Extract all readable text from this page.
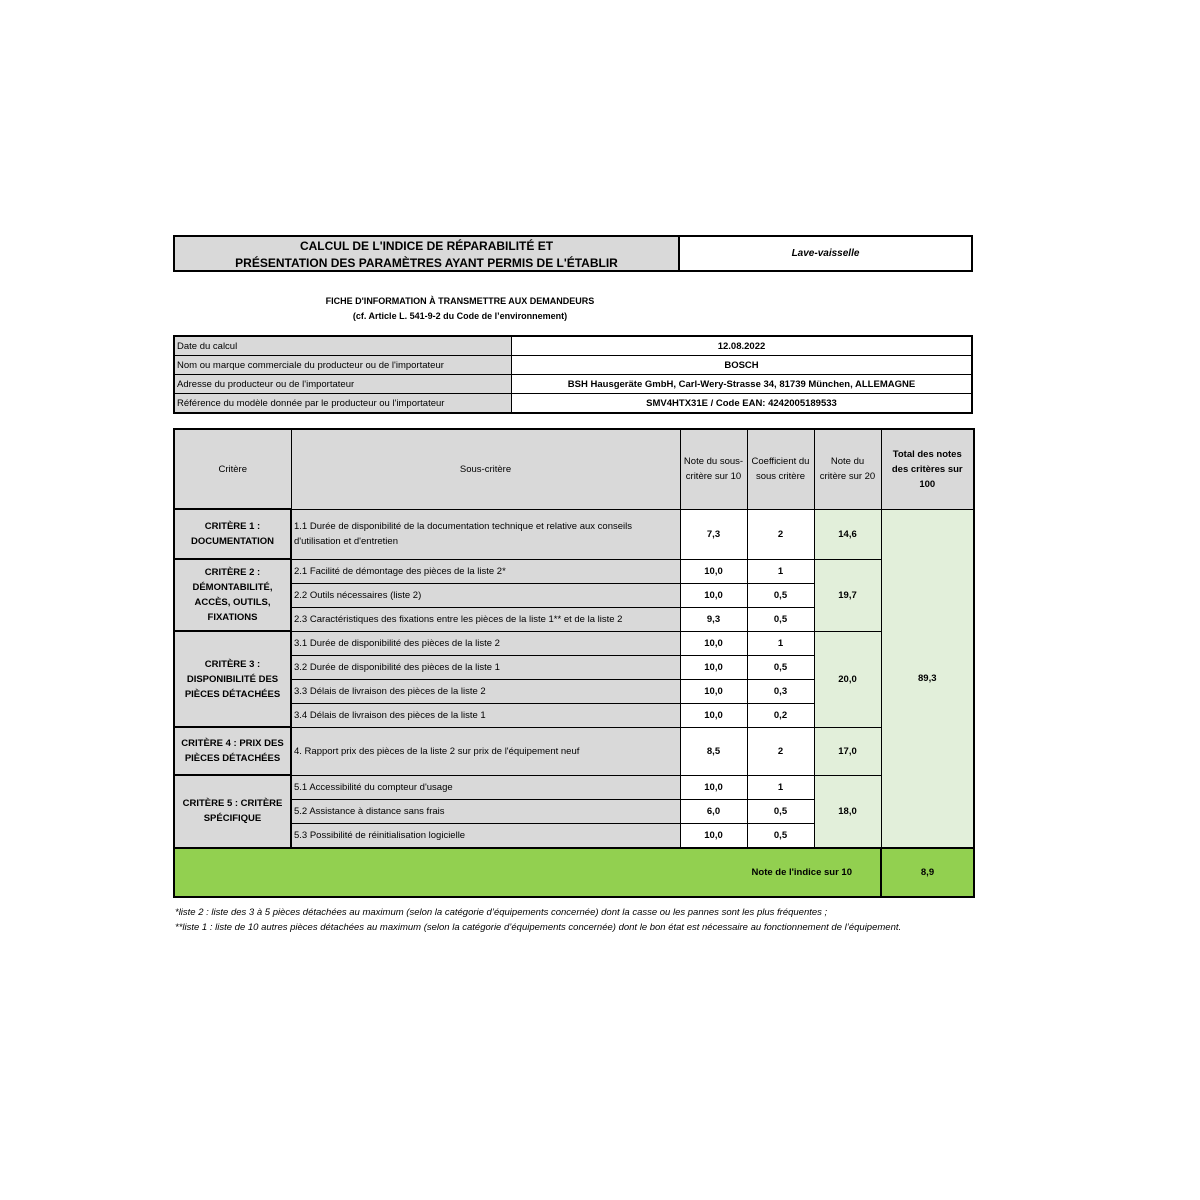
CALCUL DE L'INDICE DE RÉPARABILITÉ ET
PRÉSENTATION DES PARAMÈTRES AYANT PERMIS DE L'ÉTABLIR
Lave-vaisselle
FICHE D'INFORMATION À TRANSMETTRE AUX DEMANDEURS
(cf. Article L. 541-9-2 du Code de l’environnement)
Date du calcul	12.08.2022
Nom ou marque commerciale du producteur ou de l'importateur	BOSCH
Adresse du producteur ou de l'importateur	BSH Hausgeräte GmbH, Carl-Wery-Strasse 34, 81739 München, ALLEMAGNE
Référence du modèle donnée par le producteur ou l'importateur	SMV4HTX31E / Code EAN: 4242005189533
Critère	Sous-critère	Note du sous-critère sur 10	Coefficient du sous critère	Note du critère sur 20	Total des notes des critères sur 100
CRITÈRE 1 : DOCUMENTATION	1.1 Durée de disponibilité de la documentation technique et relative aux conseils d'utilisation et d'entretien	7,3	2	14,6	89,3
CRITÈRE 2 : DÉMONTABILITÉ, ACCÈS, OUTILS, FIXATIONS	2.1 Facilité de démontage des pièces de la liste 2*	10,0	1	19,7	
	2.2 Outils nécessaires (liste 2)	10,0	0,5		
	2.3 Caractéristiques des fixations entre les pièces de la liste 1** et de la liste 2	9,3	0,5		
CRITÈRE 3 : DISPONIBILITÉ DES PIÈCES DÉTACHÉES	3.1 Durée de disponibilité des pièces de la liste 2	10,0	1	20,0	
	3.2 Durée de disponibilité des pièces de la liste 1	10,0	0,5		
	3.3 Délais de livraison des pièces de la liste 2	10,0	0,3		
	3.4 Délais de livraison des pièces de la liste 1	10,0	0,2		
CRITÈRE 4 : PRIX DES PIÈCES DÉTACHÉES	4. Rapport prix des pièces de la liste 2 sur prix de l'équipement neuf	8,5	2	17,0	
CRITÈRE 5 : CRITÈRE SPÉCIFIQUE	5.1 Accessibilité du compteur d'usage	10,0	1	18,0	
	5.2 Assistance à distance sans frais	6,0	0,5		
	5.3 Possibilité de réinitialisation logicielle	10,0	0,5		
Note de l'indice sur 10					8,9
*liste 2 : liste des 3 à 5 pièces détachées au maximum (selon la catégorie d’équipements concernée) dont la casse ou les pannes sont les plus fréquentes ;
**liste 1 : liste de 10 autres pièces détachées au maximum (selon la catégorie d’équipements concernée) dont le bon état est nécessaire au fonctionnement de l’équipement.
